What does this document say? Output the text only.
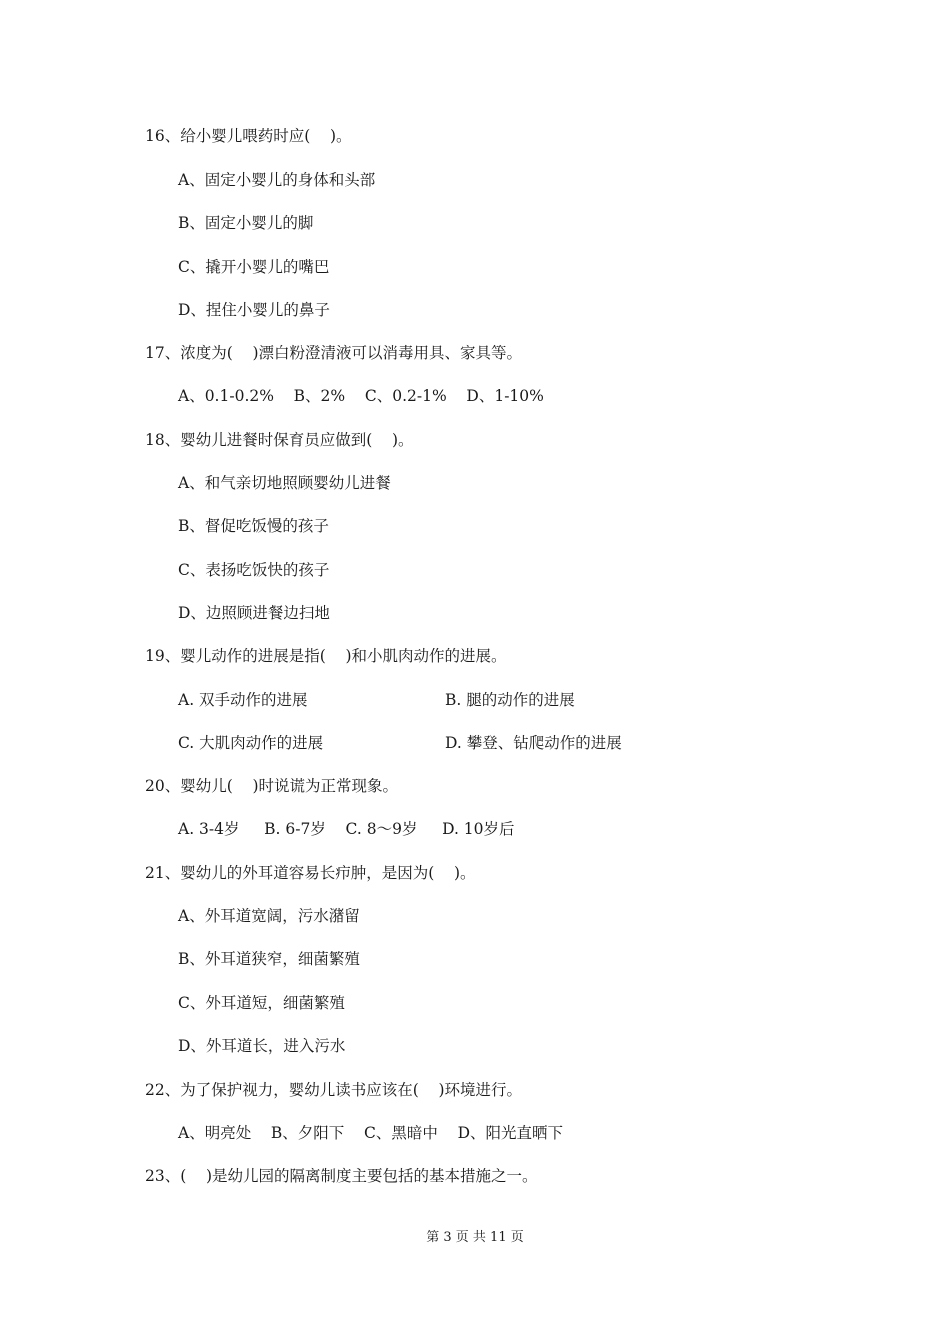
16、给小婴儿喂药时应(    )。
A、固定小婴儿的身体和头部
B、固定小婴儿的脚
C、撬开小婴儿的嘴巴
D、捏住小婴儿的鼻子
17、浓度为(    )漂白粉澄清液可以消毒用具、家具等。
A、0.1-0.2%    B、2%    C、0.2-1%    D、1-10%
18、婴幼儿进餐时保育员应做到(    )。
A、和气亲切地照顾婴幼儿进餐
B、督促吃饭慢的孩子
C、表扬吃饭快的孩子
D、边照顾进餐边扫地
19、婴儿动作的进展是指(    )和小肌肉动作的进展。
A. 双手动作的进展	B. 腿的动作的进展
C. 大肌肉动作的进展	D. 攀登、钻爬动作的进展
20、婴幼儿(    )时说谎为正常现象。
A. 3-4岁     B. 6-7岁    C. 8～9岁     D. 10岁后
21、婴幼儿的外耳道容易长疖肿，是因为(    )。
A、外耳道宽阔，污水潴留
B、外耳道狭窄，细菌繁殖
C、外耳道短，细菌繁殖
D、外耳道长，进入污水
22、为了保护视力，婴幼儿读书应该在(    )环境进行。
A、明亮处    B、夕阳下    C、黑暗中    D、阳光直晒下
23、(    )是幼儿园的隔离制度主要包括的基本措施之一。
第 3 页 共 11 页
